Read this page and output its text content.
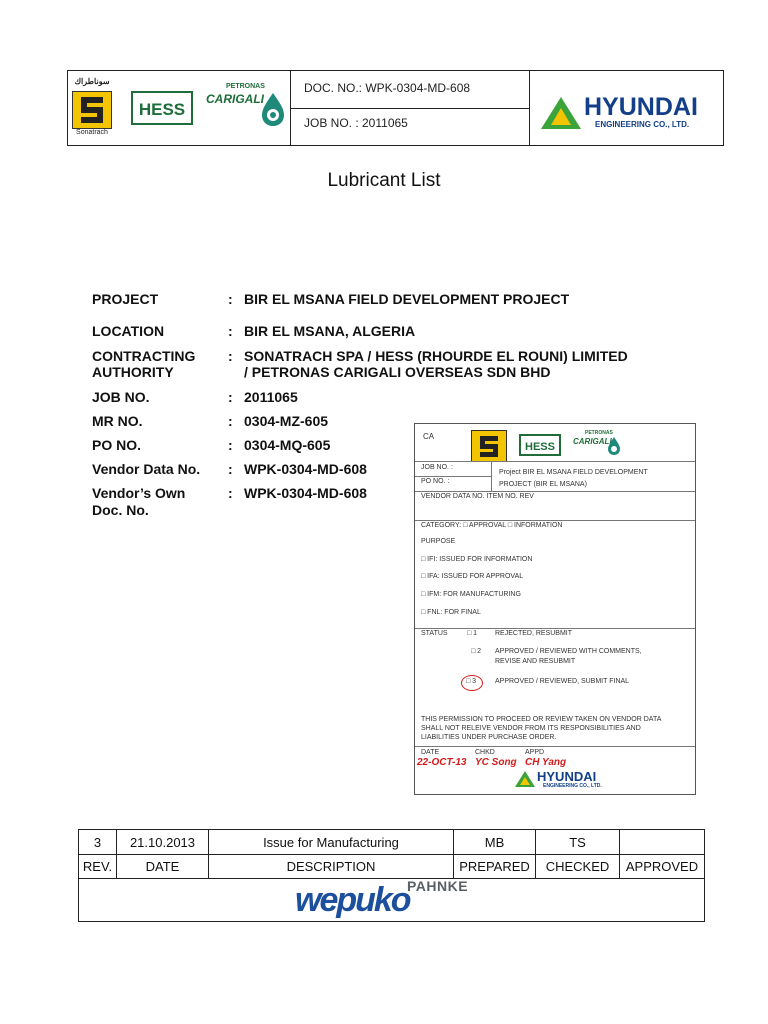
سوناطراك
Sonatrach
HESS
PETRONAS
CARIGALI
DOC. NO.: WPK-0304-MD-608
JOB NO. : 2011065
HYUNDAI
ENGINEERING CO., LTD.
Lubricant List
PROJECT	: BIR EL MSANA FIELD DEVELOPMENT PROJECT
LOCATION	: BIR EL MSANA, ALGERIA
CONTRACTING
AUTHORITY
: SONATRACH SPA / HESS (RHOURDE EL ROUNI) LIMITED
/ PETRONAS CARIGALI OVERSEAS SDN BHD
JOB NO.	: 2011065
MR NO.	: 0304-MZ-605
PO NO.	: 0304-MQ-605
Vendor Data No. : WPK-0304-MD-608
Vendor’s Own
Doc. No.
: WPK-0304-MD-608
CA
HESS
PETRONAS
CARIGALI
JOB NO. :
PO NO. :
Project BIR EL MSANA FIELD DEVELOPMENT
PROJECT (BIR EL MSANA)
VENDOR DATA NO. ITEM NO. REV
CATEGORY: □ APPROVAL □ INFORMATION
PURPOSE
□ IFI: ISSUED FOR INFORMATION
□ IFA: ISSUED FOR APPROVAL
□ IFM: FOR MANUFACTURING
□ FNL: FOR FINAL
STATUS	□ 1	REJECTED, RESUBMIT
□ 2 APPROVED / REVIEWED WITH COMMENTS,
REVISE AND RESUBMIT
□ 3	APPROVED / REVIEWED, SUBMIT FINAL
THIS PERMISSION TO PROCEED OR REVIEW TAKEN ON VENDOR DATA
SHALL NOT RELEIVE VENDOR FROM ITS RESPONSIBILITIES AND
LIABILITIES UNDER PURCHASE ORDER.
DATE	CHKD	APPD
22-OCT-13 YC Song CH Yang
HYUNDAI
ENGINEERING CO., LTD.
3	21.10.2013	Issue for Manufacturing	MB	TS
REV.	DATE	DESCRIPTION	PREPARED	CHECKED	APPROVED
PAHNKE
wepuko
